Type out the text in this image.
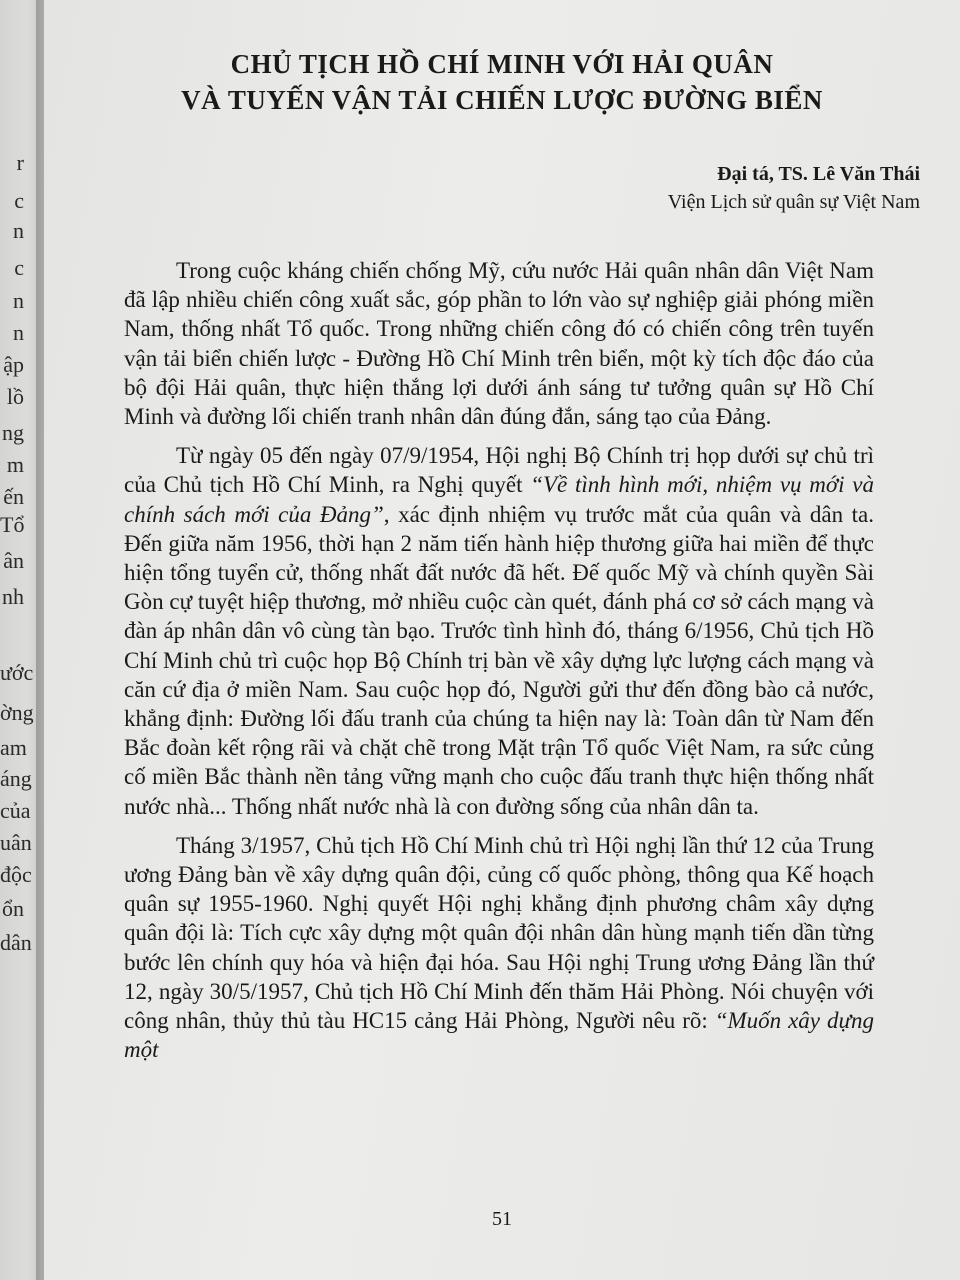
r
c
n
c
n
n
ập
lồ
ng
m
ến
Tổ
ân
nh
ước
ờng
am
áng
của
uân
độc
ổn
dân
CHỦ TỊCH HỒ CHÍ MINH VỚI HẢI QUÂN
VÀ TUYẾN VẬN TẢI CHIẾN LƯỢC ĐƯỜNG BIỂN
Đại tá, TS. Lê Văn Thái
Viện Lịch sử quân sự Việt Nam

Trong cuộc kháng chiến chống Mỹ, cứu nước Hải quân nhân dân Việt Nam đã lập nhiều chiến công xuất sắc, góp phần to lớn vào sự nghiệp giải phóng miền Nam, thống nhất Tổ quốc. Trong những chiến công đó có chiến công trên tuyến vận tải biển chiến lược - Đường Hồ Chí Minh trên biển, một kỳ tích độc đáo của bộ đội Hải quân, thực hiện thắng lợi dưới ánh sáng tư tưởng quân sự Hồ Chí Minh và đường lối chiến tranh nhân dân đúng đắn, sáng tạo của Đảng.

Từ ngày 05 đến ngày 07/9/1954, Hội nghị Bộ Chính trị họp dưới sự chủ trì của Chủ tịch Hồ Chí Minh, ra Nghị quyết “Về tình hình mới, nhiệm vụ mới và chính sách mới của Đảng”, xác định nhiệm vụ trước mắt của quân và dân ta. Đến giữa năm 1956, thời hạn 2 năm tiến hành hiệp thương giữa hai miền để thực hiện tổng tuyển cử, thống nhất đất nước đã hết. Đế quốc Mỹ và chính quyền Sài Gòn cự tuyệt hiệp thương, mở nhiều cuộc càn quét, đánh phá cơ sở cách mạng và đàn áp nhân dân vô cùng tàn bạo. Trước tình hình đó, tháng 6/1956, Chủ tịch Hồ Chí Minh chủ trì cuộc họp Bộ Chính trị bàn về xây dựng lực lượng cách mạng và căn cứ địa ở miền Nam. Sau cuộc họp đó, Người gửi thư đến đồng bào cả nước, khẳng định: Đường lối đấu tranh của chúng ta hiện nay là: Toàn dân từ Nam đến Bắc đoàn kết rộng rãi và chặt chẽ trong Mặt trận Tổ quốc Việt Nam, ra sức củng cố miền Bắc thành nền tảng vững mạnh cho cuộc đấu tranh thực hiện thống nhất nước nhà... Thống nhất nước nhà là con đường sống của nhân dân ta.

Tháng 3/1957, Chủ tịch Hồ Chí Minh chủ trì Hội nghị lần thứ 12 của Trung ương Đảng bàn về xây dựng quân đội, củng cố quốc phòng, thông qua Kế hoạch quân sự 1955-1960. Nghị quyết Hội nghị khẳng định phương châm xây dựng quân đội là: Tích cực xây dựng một quân đội nhân dân hùng mạnh tiến dần từng bước lên chính quy hóa và hiện đại hóa. Sau Hội nghị Trung ương Đảng lần thứ 12, ngày 30/5/1957, Chủ tịch Hồ Chí Minh đến thăm Hải Phòng. Nói chuyện với công nhân, thủy thủ tàu HC15 cảng Hải Phòng, Người nêu rõ: “Muốn xây dựng một

51
